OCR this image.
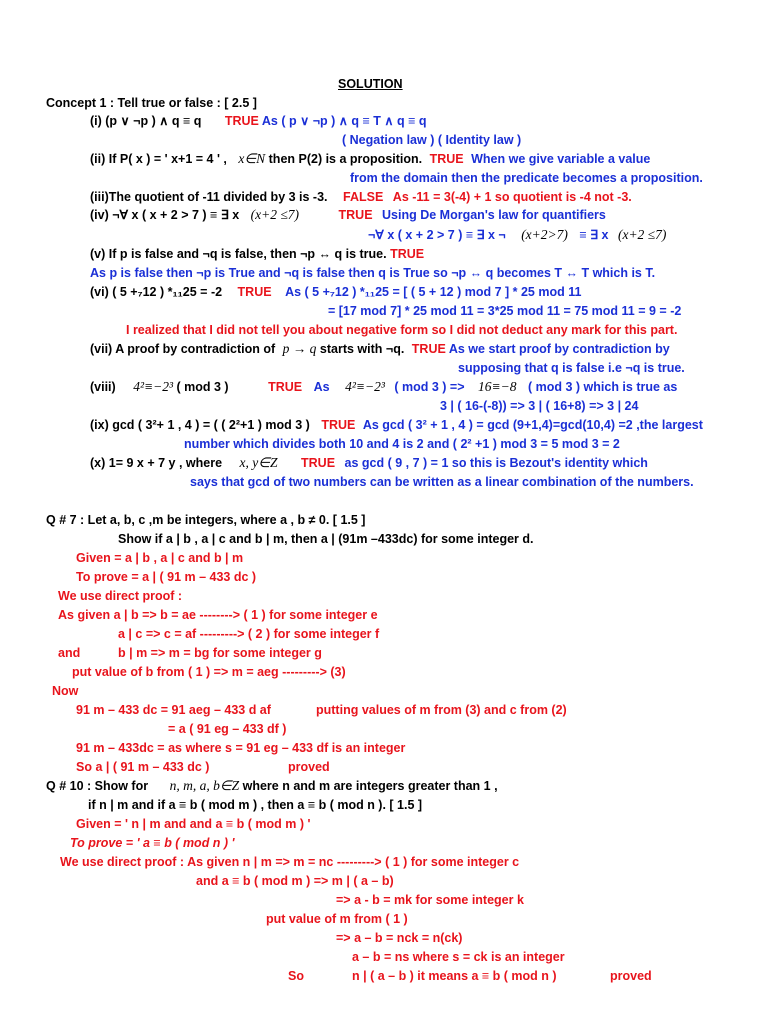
SOLUTION
Concept 1 : Tell true or false : [ 2.5 ]
(i) (p ∨ ¬p ) ∧ q ≡ q TRUE As ( p ∨ ¬p ) ∧ q ≡ T ∧ q ≡ q
( Negation law ) ( Identity law )
(ii) If P( x ) = ' x+1 = 4 ' , x∈N then P(2) is a proposition. TRUE When we give variable a value
from the domain then the predicate becomes a proposition.
(iii)The quotient of -11 divided by 3 is -3. FALSE As -11 = 3(-4) + 1 so quotient is -4 not -3.
(iv) ¬∀ x ( x + 2 > 7 ) ≡ ∃ x (x+2 ≤7)	TRUE Using De Morgan's law for quantifiers
¬∀ x ( x + 2 > 7 ) ≡ ∃ x ¬ (x+2>7) ≡ ∃ x (x+2 ≤7)
(v) If p is false and ¬q is false, then ¬p ↔ q is true. TRUE
As p is false then ¬p is True and ¬q is false then q is True so ¬p ↔ q becomes T ↔ T which is T.
(vi) ( 5 +₇12 ) *₁₁25 = -2 TRUE As ( 5 +₇12 ) *₁₁25 = [ ( 5 + 12 ) mod 7 ] * 25 mod 11
= [17 mod 7] * 25 mod 11 = 3*25 mod 11 = 75 mod 11 = 9 = -2
I realized that I did not tell you about negative form so I did not deduct any mark for this part.
(vii) A proof by contradiction of p → q starts with ¬q. TRUE As we start proof by contradiction by
supposing that q is false i.e ¬q is true.
(viii) 4²≡−2³ ( mod 3 )	TRUE As 4²≡−2³ ( mod 3 ) => 16≡−8 ( mod 3 ) which is true as
3 | ( 16-(-8)) => 3 | ( 16+8) => 3 | 24
(ix) gcd ( 3²+ 1 , 4 ) = ( ( 2²+1 ) mod 3 ) TRUE As gcd ( 3² + 1 , 4 ) = gcd (9+1,4)=gcd(10,4) =2 ,the largest
number which divides both 10 and 4 is 2 and ( 2² +1 ) mod 3 = 5 mod 3 = 2
(x) 1= 9 x + 7 y , where x, y∈Z TRUE as gcd ( 9 , 7 ) = 1 so this is Bezout's identity which
says that gcd of two numbers can be written as a linear combination of the numbers.
Q # 7 : Let a, b, c ,m be integers, where a , b ≠ 0. [ 1.5 ]
Show if a | b , a | c and b | m, then a | (91m –433dc) for some integer d.
Given = a | b , a | c and b | m
To prove = a | ( 91 m – 433 dc )
We use direct proof :
As given a | b => b = ae --------> ( 1 ) for some integer e
a | c => c = af ---------> ( 2 ) for some integer f
and	b | m => m = bg for some integer g
put value of b from ( 1 ) => m = aeg ---------> (3)
Now
91 m – 433 dc = 91 aeg – 433 d af	putting values of m from (3) and c from (2)
= a ( 91 eg – 433 df )
91 m – 433dc = as where s = 91 eg – 433 df is an integer
So a | ( 91 m – 433 dc )	proved
Q # 10 : Show for n, m, a, b∈Z where n and m are integers greater than 1 ,
if n | m and if a ≡ b ( mod m ) , then a ≡ b ( mod n ). [ 1.5 ]
Given = ' n | m and and a ≡ b ( mod m ) '
To prove = ' a ≡ b ( mod n ) '
We use direct proof : As given n | m => m = nc ---------> ( 1 ) for some integer c
and a ≡ b ( mod m ) => m | ( a – b)
=> a - b = mk for some integer k
put value of m from ( 1 )
=> a – b = nck = n(ck)
a – b = ns where s = ck is an integer
So	n | ( a – b ) it means a ≡ b ( mod n )	proved
